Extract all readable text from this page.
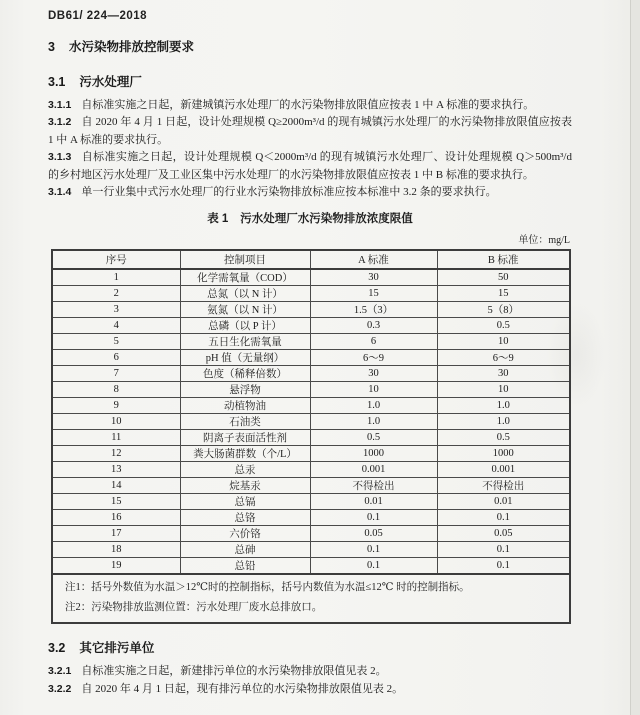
DB61/ 224—2018
3 水污染物排放控制要求
3.1 污水处理厂

3.1.1 自标准实施之日起，新建城镇污水处理厂的水污染物排放限值应按表 1 中 A 标准的要求执行。

3.1.2 自 2020 年 4 月 1 日起，设计处理规模 Q≥2000m³/d 的现有城镇污水处理厂的水污染物排放限值应按表 1 中 A 标准的要求执行。

3.1.3 自标准实施之日起，设计处理规模 Q＜2000m³/d 的现有城镇污水处理厂、设计处理规模 Q＞500m³/d 的乡村地区污水处理厂及工业区集中污水处理厂的水污染物排放限值应按表 1 中 B 标准的要求执行。

3.1.4 单一行业集中式污水处理厂的行业水污染物排放标准应按本标准中 3.2 条的要求执行。

表 1 污水处理厂水污染物排放浓度限值
单位：mg/L
序号	控制项目	A 标准	B 标准
1	化学需氧量（COD）	30	50
2	总氮（以 N 计）	15	15
3	氨氮（以 N 计）	1.5（3）	5（8）
4	总磷（以 P 计）	0.3	0.5
5	五日生化需氧量	6	10
6	pH 值（无量纲）	6～9	6～9
7	色度（稀释倍数）	30	30
8	悬浮物	10	10
9	动植物油	1.0	1.0
10	石油类	1.0	1.0
11	阴离子表面活性剂	0.5	0.5
12	粪大肠菌群数（个/L）	1000	1000
13	总汞	0.001	0.001
14	烷基汞	不得检出	不得检出
15	总镉	0.01	0.01
16	总铬	0.1	0.1
17	六价铬	0.05	0.05
18	总砷	0.1	0.1
19	总铅	0.1	0.1

注1：括号外数值为水温＞12℃时的控制指标，括号内数值为水温≤12℃ 时的控制指标。
注2：污染物排放监测位置：污水处理厂废水总排放口。			
3.2 其它排污单位

3.2.1 自标准实施之日起，新建排污单位的水污染物排放限值见表 2。

3.2.2 自 2020 年 4 月 1 日起，现有排污单位的水污染物排放限值见表 2。
